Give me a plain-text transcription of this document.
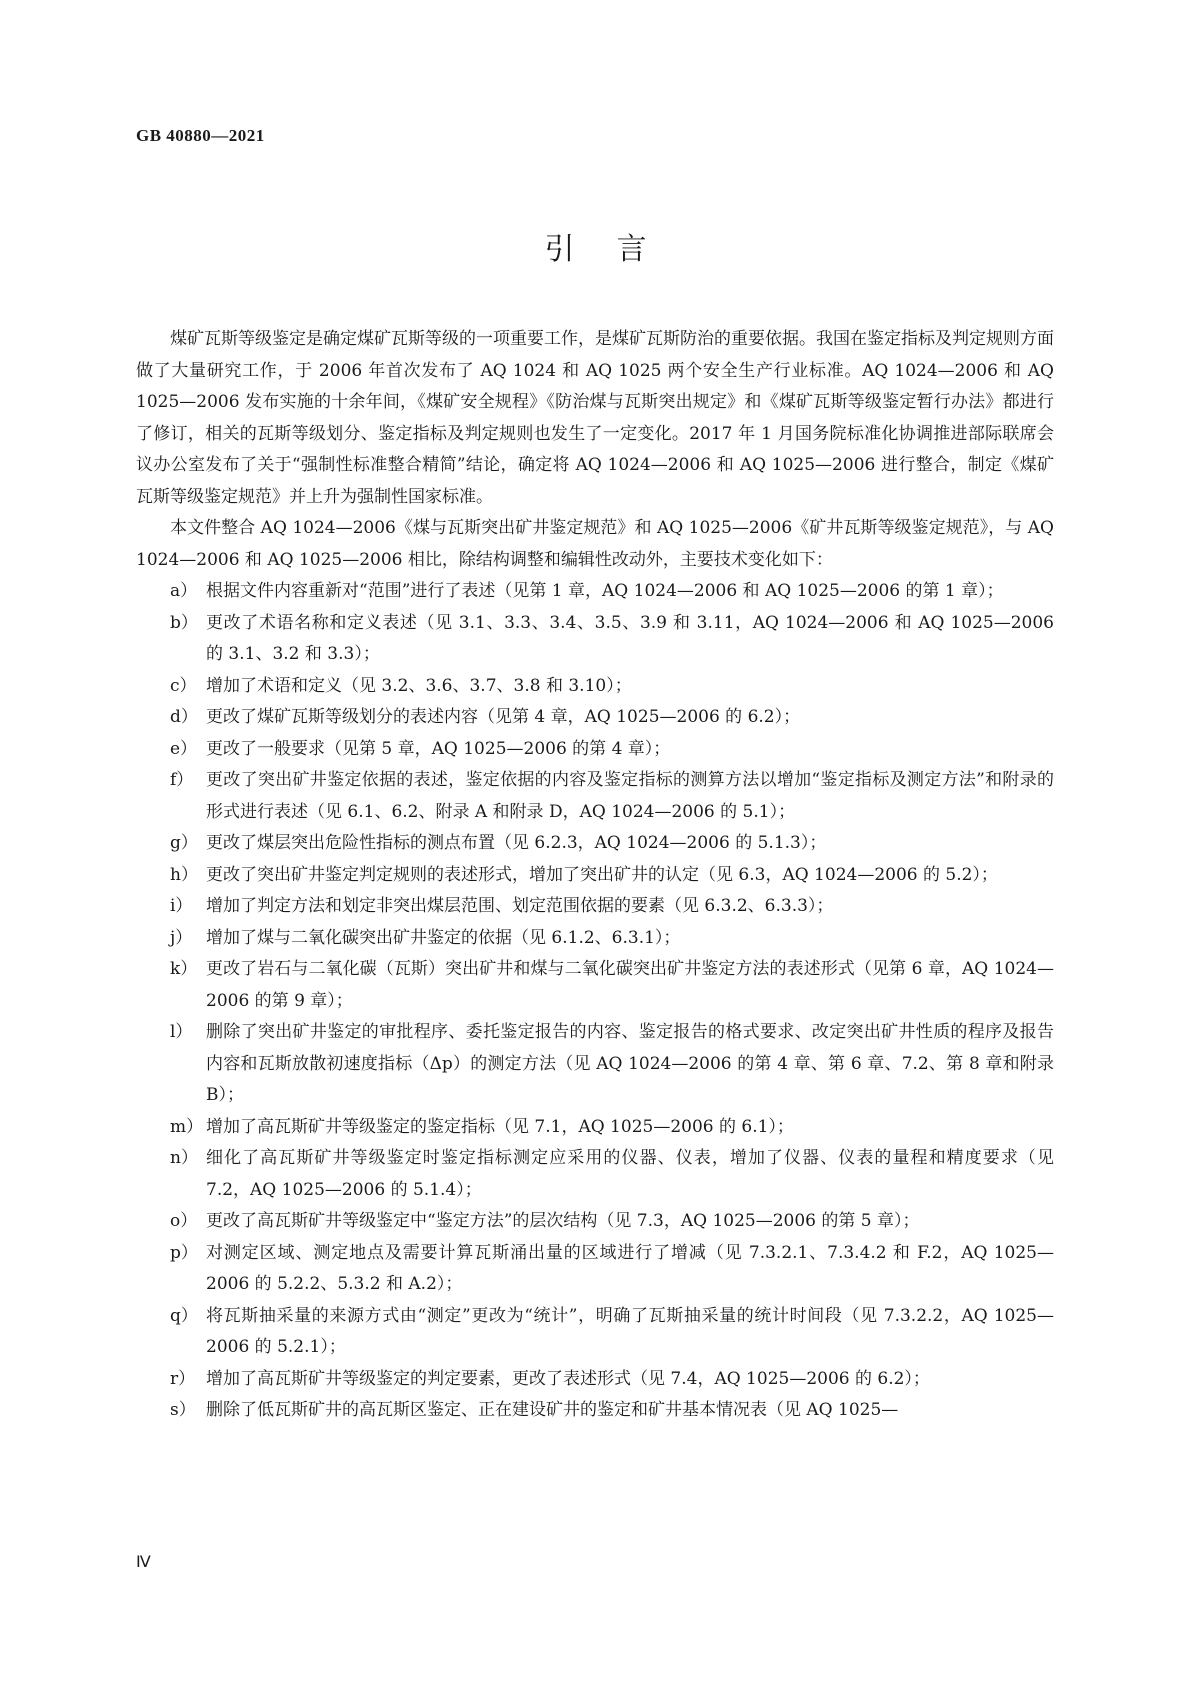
GB 40880—2021
引言

煤矿瓦斯等级鉴定是确定煤矿瓦斯等级的一项重要工作，是煤矿瓦斯防治的重要依据。我国在鉴定指标及判定规则方面做了大量研究工作，于 2006 年首次发布了 AQ 1024 和 AQ 1025 两个安全生产行业标准。AQ 1024—2006 和 AQ 1025—2006 发布实施的十余年间，《煤矿安全规程》《防治煤与瓦斯突出规定》和《煤矿瓦斯等级鉴定暂行办法》都进行了修订，相关的瓦斯等级划分、鉴定指标及判定规则也发生了一定变化。2017 年 1 月国务院标准化协调推进部际联席会议办公室发布了关于“强制性标准整合精简”结论，确定将 AQ 1024—2006 和 AQ 1025—2006 进行整合，制定《煤矿瓦斯等级鉴定规范》并上升为强制性国家标准。

本文件整合 AQ 1024—2006《煤与瓦斯突出矿井鉴定规范》和 AQ 1025—2006《矿井瓦斯等级鉴定规范》，与 AQ 1024—2006 和 AQ 1025—2006 相比，除结构调整和编辑性改动外，主要技术变化如下：

a） 根据文件内容重新对“范围”进行了表述（见第 1 章，AQ 1024—2006 和 AQ 1025—2006 的第 1 章）；
b） 更改了术语名称和定义表述（见 3.1、3.3、3.4、3.5、3.9 和 3.11，AQ 1024—2006 和 AQ 1025—2006 的 3.1、3.2 和 3.3）；
c） 增加了术语和定义（见 3.2、3.6、3.7、3.8 和 3.10）；
d） 更改了煤矿瓦斯等级划分的表述内容（见第 4 章，AQ 1025—2006 的 6.2）；
e） 更改了一般要求（见第 5 章，AQ 1025—2006 的第 4 章）；
f） 更改了突出矿井鉴定依据的表述，鉴定依据的内容及鉴定指标的测算方法以增加“鉴定指标及测定方法”和附录的形式进行表述（见 6.1、6.2、附录 A 和附录 D，AQ 1024—2006 的 5.1）；
g） 更改了煤层突出危险性指标的测点布置（见 6.2.3，AQ 1024—2006 的 5.1.3）；
h） 更改了突出矿井鉴定判定规则的表述形式，增加了突出矿井的认定（见 6.3，AQ 1024—2006 的 5.2）；
i） 增加了判定方法和划定非突出煤层范围、划定范围依据的要素（见 6.3.2、6.3.3）；
j） 增加了煤与二氧化碳突出矿井鉴定的依据（见 6.1.2、6.3.1）；
k） 更改了岩石与二氧化碳（瓦斯）突出矿井和煤与二氧化碳突出矿井鉴定方法的表述形式（见第 6 章，AQ 1024—2006 的第 9 章）；
l） 删除了突出矿井鉴定的审批程序、委托鉴定报告的内容、鉴定报告的格式要求、改定突出矿井性质的程序及报告内容和瓦斯放散初速度指标（Δp）的测定方法（见 AQ 1024—2006 的第 4 章、第 6 章、7.2、第 8 章和附录 B）；
m） 增加了高瓦斯矿井等级鉴定的鉴定指标（见 7.1，AQ 1025—2006 的 6.1）；
n） 细化了高瓦斯矿井等级鉴定时鉴定指标测定应采用的仪器、仪表，增加了仪器、仪表的量程和精度要求（见 7.2，AQ 1025—2006 的 5.1.4）；
o） 更改了高瓦斯矿井等级鉴定中“鉴定方法”的层次结构（见 7.3，AQ 1025—2006 的第 5 章）；
p） 对测定区域、测定地点及需要计算瓦斯涌出量的区域进行了增减（见 7.3.2.1、7.3.4.2 和 F.2，AQ 1025—2006 的 5.2.2、5.3.2 和 A.2）；
q） 将瓦斯抽采量的来源方式由“测定”更改为“统计”，明确了瓦斯抽采量的统计时间段（见 7.3.2.2，AQ 1025—2006 的 5.2.1）；
r） 增加了高瓦斯矿井等级鉴定的判定要素，更改了表述形式（见 7.4，AQ 1025—2006 的 6.2）；
s） 删除了低瓦斯矿井的高瓦斯区鉴定、正在建设矿井的鉴定和矿井基本情况表（见 AQ 1025—
Ⅳ
